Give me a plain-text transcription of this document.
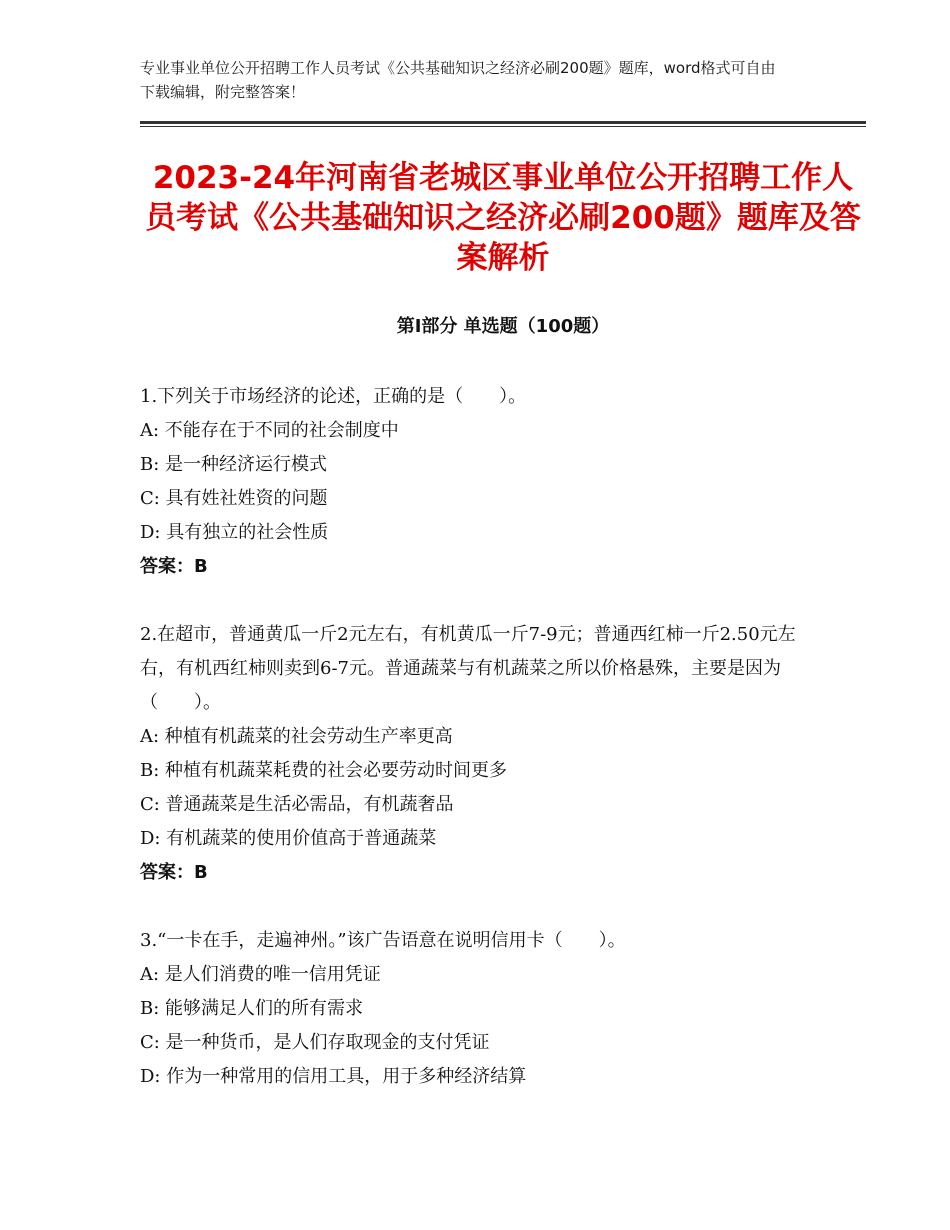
专业事业单位公开招聘工作人员考试《公共基础知识之经济必刷200题》题库，word格式可自由下载编辑，附完整答案！
2023-24年河南省老城区事业单位公开招聘工作人员考试《公共基础知识之经济必刷200题》题库及答案解析
第Ⅰ部分 单选题（100题）
1.下列关于市场经济的论述，正确的是（　　）。
A: 不能存在于不同的社会制度中
B: 是一种经济运行模式
C: 具有姓社姓资的问题
D: 具有独立的社会性质
答案：B
2.在超市，普通黄瓜一斤2元左右，有机黄瓜一斤7-9元；普通西红柿一斤2.50元左右，有机西红柿则卖到6-7元。普通蔬菜与有机蔬菜之所以价格悬殊，主要是因为（　　）。
A: 种植有机蔬菜的社会劳动生产率更高
B: 种植有机蔬菜耗费的社会必要劳动时间更多
C: 普通蔬菜是生活必需品，有机蔬奢品
D: 有机蔬菜的使用价值高于普通蔬菜
答案：B
3.“一卡在手，走遍神州。”该广告语意在说明信用卡（　　）。
A: 是人们消费的唯一信用凭证
B: 能够满足人们的所有需求
C: 是一种货币，是人们存取现金的支付凭证
D: 作为一种常用的信用工具，用于多种经济结算
